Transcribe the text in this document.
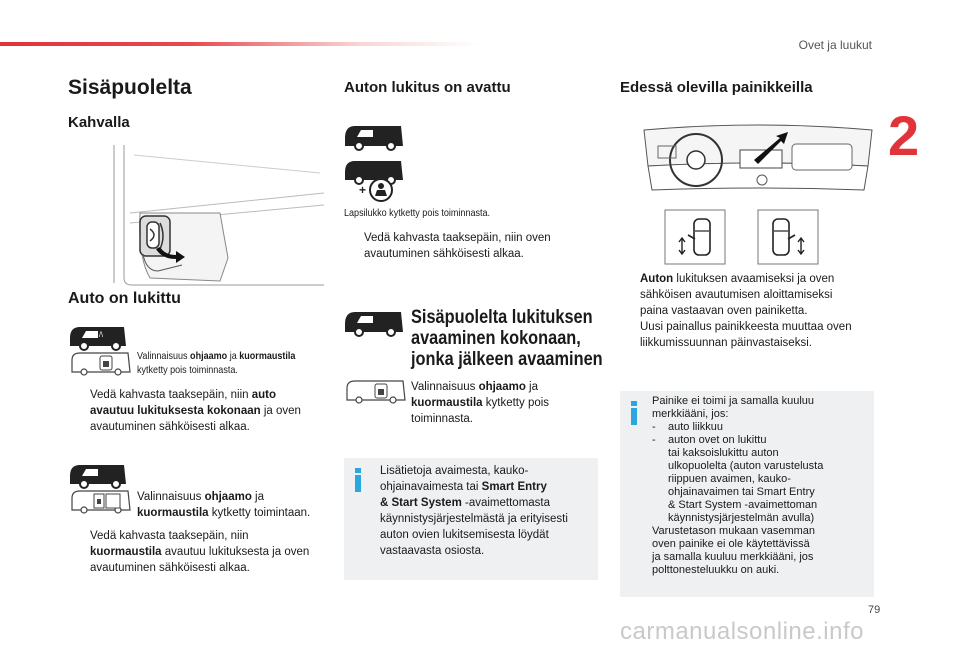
Ovet ja luukut
2
Sisäpuolelta
Kahvalla
Auto on lukittu
/\
Valinnaisuus ohjaamo ja kuormaustila
kytketty pois toiminnasta.
Vedä kahvasta taaksepäin, niin auto
avautuu lukituksesta kokonaan ja oven
avautuminen sähköisesti alkaa.
Valinnaisuus ohjaamo ja
kuormaustila kytketty toimintaan.
Vedä kahvasta taaksepäin, niin
kuormaustila avautuu lukituksesta ja oven
avautuminen sähköisesti alkaa.
Auton lukitus on avattu
+
Lapsilukko kytketty pois toiminnasta.
Vedä kahvasta taaksepäin, niin oven
avautuminen sähköisesti alkaa.
Sisäpuolelta lukituksen
avaaminen kokonaan,
jonka jälkeen avaaminen
Valinnaisuus ohjaamo ja
kuormaustila kytketty pois
toiminnasta.
Lisätietoja avaimesta, kauko-
ohjainavaimesta tai Smart Entry
& Start System -avaimettomasta
käynnistysjärjestelmästä ja erityisesti
auton ovien lukitsemisesta löydät
vastaavasta osiosta.
Edessä olevilla painikkeilla
Auton lukituksen avaamiseksi ja oven
sähköisen avautumisen aloittamiseksi
paina vastaavan oven painiketta.
Uusi painallus painikkeesta muuttaa oven
liikkumissuunnan päinvastaiseksi.
Painike ei toimi ja samalla kuuluu
merkkiääni, jos:
-	auto liikkuu
-	auton ovet on lukittu
tai kaksoislukittu auton
ulkopuolelta (auton varustelusta
riippuen avaimen, kauko-
ohjainavaimen tai Smart Entry
& Start System -avaimettoman
käynnistysjärjestelmän avulla)
Varustetason mukaan vasemman
oven painike ei ole käytettävissä
ja samalla kuuluu merkkiääni, jos
polttonesteluukku on auki.
79
carmanualsonline.info
